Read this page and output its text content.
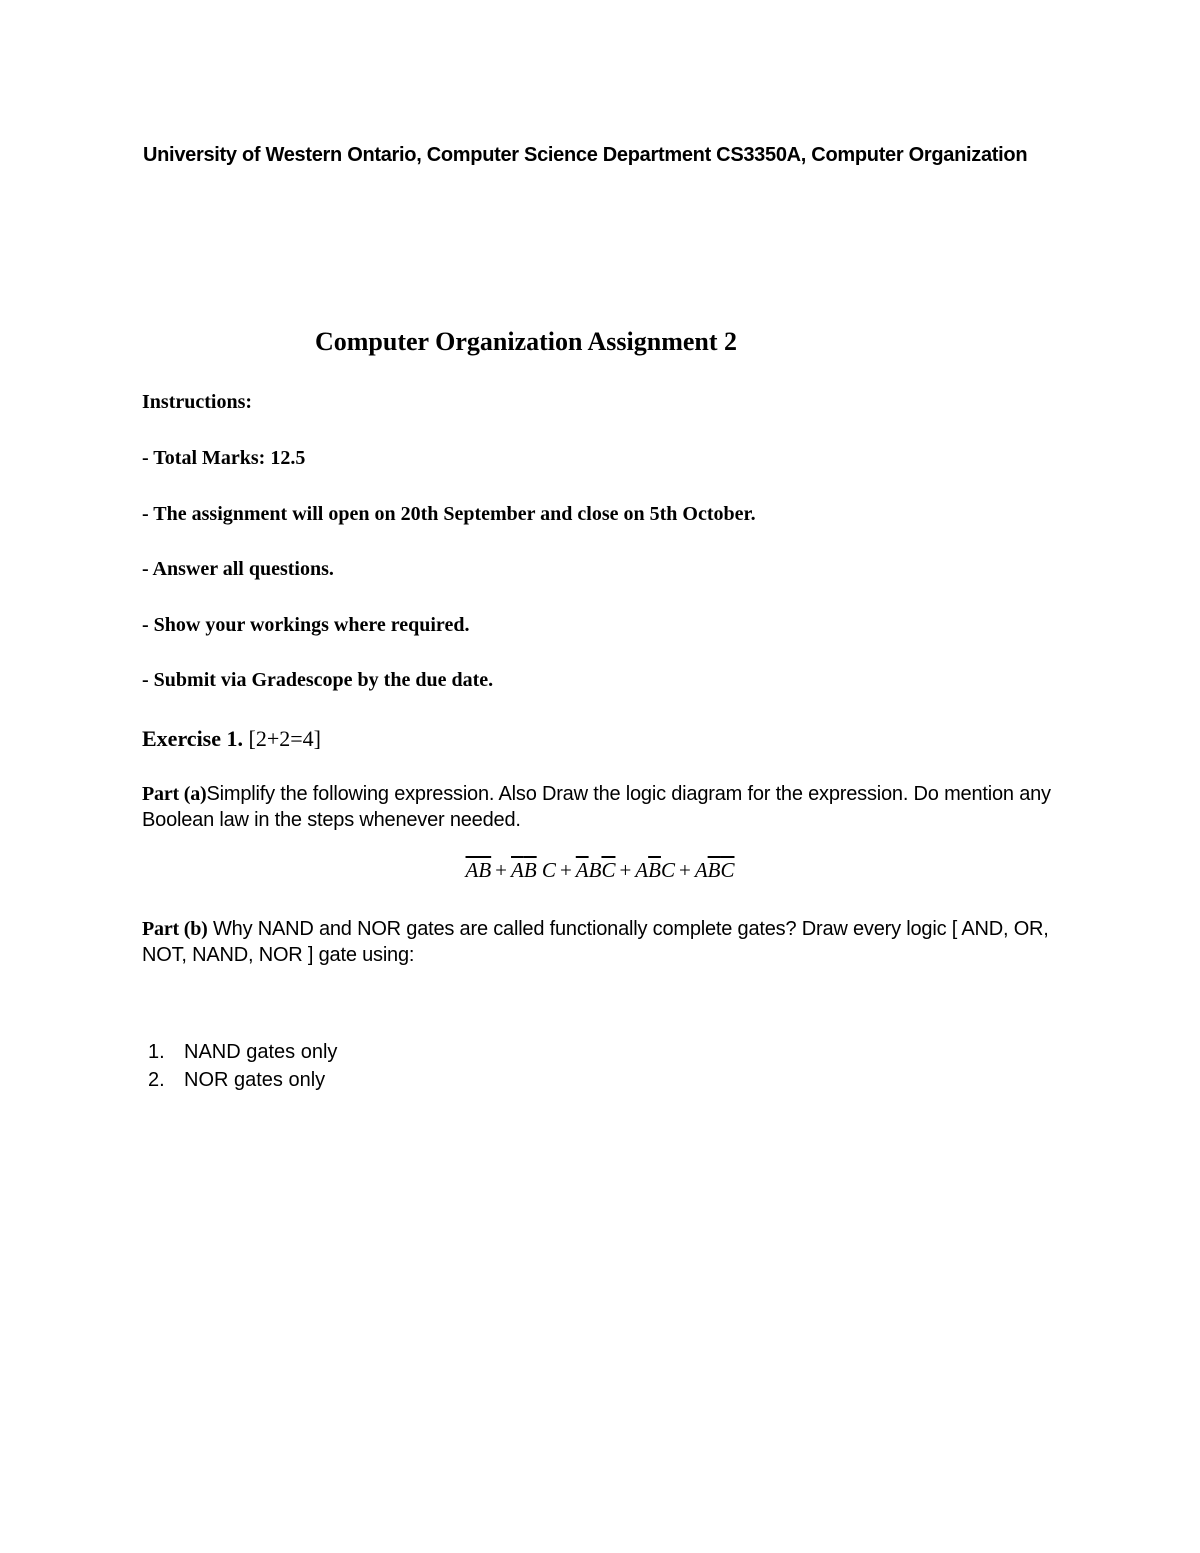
University of Western Ontario, Computer Science Department CS3350A, Computer Organization
Computer Organization Assignment 2
Instructions:
- Total Marks: 12.5
- The assignment will open on 20th September and close on 5th October.
- Answer all questions.
- Show your workings where required.
- Submit via Gradescope by the due date.
Exercise 1. [2+2=4]
Part (a)Simplify the following expression. Also Draw the logic diagram for the expression. Do mention any Boolean law in the steps whenever needed.
$\overline{AB} + \overline{A}\overline{B}$ $C + \overline{A}B\overline{C} + A\overline{B}C$ + ABC
Part (b) Why NAND and NOR gates are called functionally complete gates? Draw every logic [ AND, OR, NOT, NAND, NOR ] gate using:
1. NAND gates only
2. NOR gates only
